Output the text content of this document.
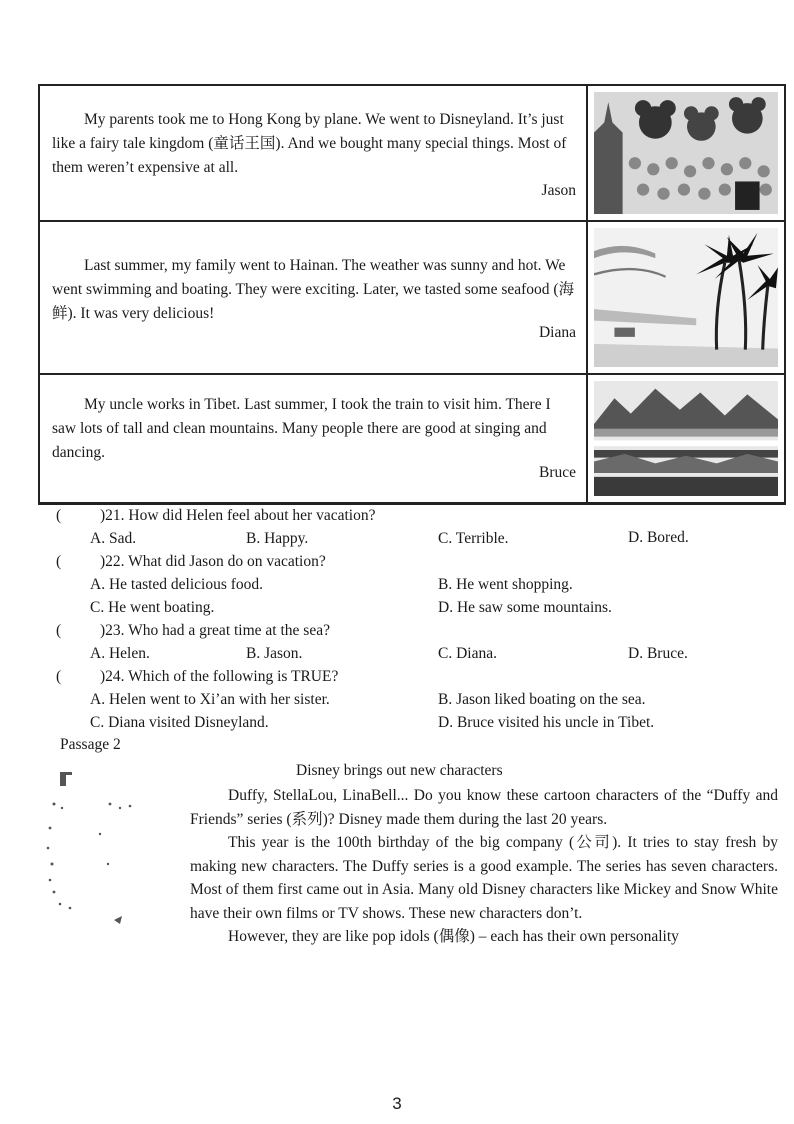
My parents took me to Hong Kong by plane. We went to Disneyland. It’s just like a fairy tale kingdom (童话王国). And we bought many special things. Most of them weren’t expensive at all.

Jason

Last summer, my family went to Hainan. The weather was sunny and hot. We went swimming and boating. They were exciting. Later, we tasted some seafood (海鲜). It was very delicious!

Diana

My uncle works in Tibet. Last summer, I took the train to visit him. There I saw lots of tall and clean mountains. Many people there are good at singing and dancing.

Bruce
(	)21. How did Helen feel about her vacation?
A. Sad.	B. Happy.	C. Terrible.	D. Bored.
(	)22. What did Jason do on vacation?
A. He tasted delicious food.	B. He went shopping.
C. He went boating.	D. He saw some mountains.
(	)23. Who had a great time at the sea?
A. Helen.	B. Jason.	C. Diana.	D. Bruce.
(	)24. Which of the following is TRUE?
A. Helen went to Xi’an with her sister.	B. Jason liked boating on the sea.
C. Diana visited Disneyland.	D. Bruce visited his uncle in Tibet.
Passage 2
Disney brings out new characters

Duffy, StellaLou, LinaBell... Do you know these cartoon characters of the “Duffy and Friends” series (系列)? Disney made them during the last 20 years.

This year is the 100th birthday of the big company (公司). It tries to stay fresh by making new characters. The Duffy series is a good example. The series has seven characters. Most of them first came out in Asia. Many old Disney characters like Mickey and Snow White have their own films or TV shows. These new characters don’t.

However, they are like pop idols (偶像) – each has their own personality

3
